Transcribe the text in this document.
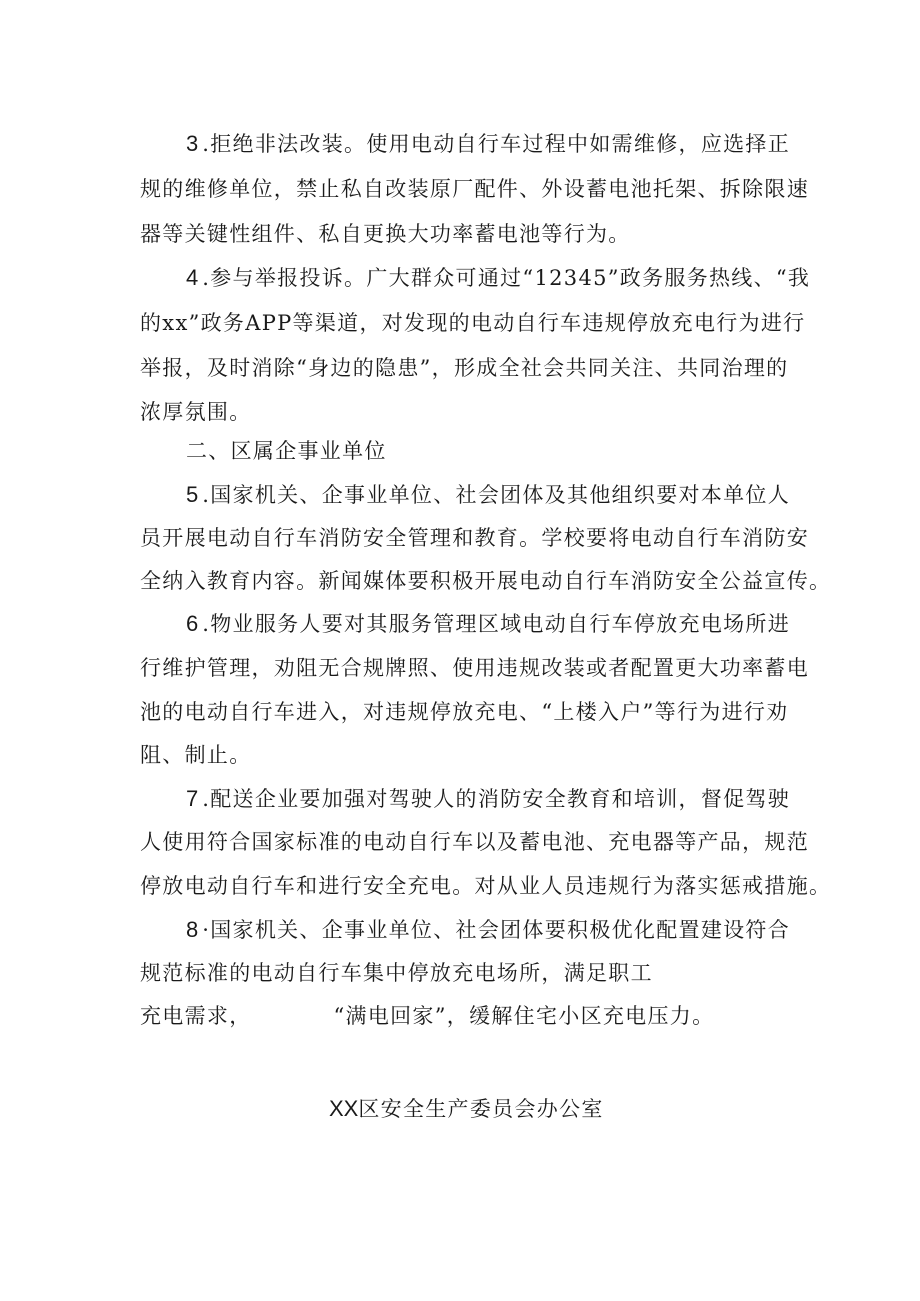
3 .拒绝非法改装。使用电动自行车过程中如需维修，应选择正
规的维修单位，禁止私自改装原厂配件、外设蓄电池托架、拆除限速
器等关键性组件、私自更换大功率蓄电池等行为。
4 .参与举报投诉。广大群众可通过“12345”政务服务热线、“我
的xx”政务APP等渠道，对发现的电动自行车违规停放充电行为进行
举报，及时消除“身边的隐患”，形成全社会共同关注、共同治理的
浓厚氛围。
二、区属企事业单位
5 .国家机关、企事业单位、社会团体及其他组织要对本单位人
员开展电动自行车消防安全管理和教育。学校要将电动自行车消防安
全纳入教育内容。新闻媒体要积极开展电动自行车消防安全公益宣传。
6 .物业服务人要对其服务管理区域电动自行车停放充电场所进
行维护管理，劝阻无合规牌照、使用违规改装或者配置更大功率蓄电
池的电动自行车进入，对违规停放充电、“上楼入户”等行为进行劝
阻、制止。
7 .配送企业要加强对驾驶人的消防安全教育和培训，督促驾驶
人使用符合国家标准的电动自行车以及蓄电池、充电器等产品，规范
停放电动自行车和进行安全充电。对从业人员违规行为落实惩戒措施。
8 ·国家机关、企事业单位、社会团体要积极优化配置建设符合
规范标准的电动自行车集中停放充电场所，满足职工
充电需求，	“满电回家”，缓解住宅小区充电压力。
XX区安全生产委员会办公室
